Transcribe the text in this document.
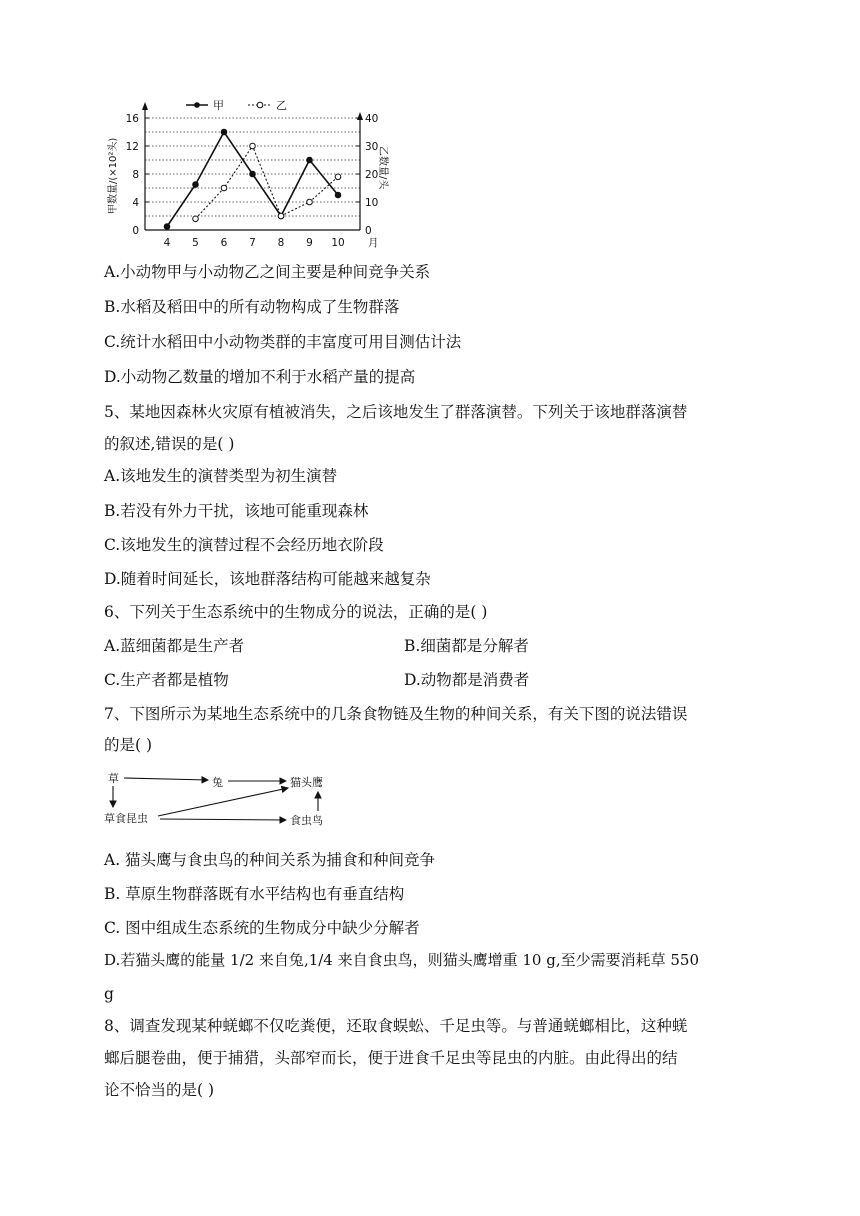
0
4
8
12
16
0
10
20
30
40
4 5 6 7 8 9 10
甲	乙
甲数量/(×10²头)	乙数量/头
月
A.小动物甲与小动物乙之间主要是种间竞争关系
B.水稻及稻田中的所有动物构成了生物群落
C.统计水稻田中小动物类群的丰富度可用目测估计法
D.小动物乙数量的增加不利于水稻产量的提高
5、某地因森林火灾原有植被消失，之后该地发生了群落演替。下列关于该地群落演替
的叙述,错误的是( )
A.该地发生的演替类型为初生演替
B.若没有外力干扰，该地可能重现森林
C.该地发生的演替过程不会经历地衣阶段
D.随着时间延长，该地群落结构可能越来越复杂
6、下列关于生态系统中的生物成分的说法，正确的是( )
A.蓝细菌都是生产者	B.细菌都是分解者
C.生产者都是植物	D.动物都是消费者
7、下图所示为某地生态系统中的几条食物链及生物的种间关系，有关下图的说法错误
的是( )
草	兔	猫头鹰
草食昆虫	食虫鸟
A. 猫头鹰与食虫鸟的种间关系为捕食和种间竞争
B. 草原生物群落既有水平结构也有垂直结构
C. 图中组成生态系统的生物成分中缺少分解者
D.若猫头鹰的能量 1/2 来自兔,1/4 来自食虫鸟，则猫头鹰增重 10 g,至少需要消耗草 550
g
8、调查发现某种蜣螂不仅吃粪便，还取食蜈蚣、千足虫等。与普通蜣螂相比，这种蜣
螂后腿卷曲，便于捕猎，头部窄而长，便于进食千足虫等昆虫的内脏。由此得出的结
论不恰当的是( )
